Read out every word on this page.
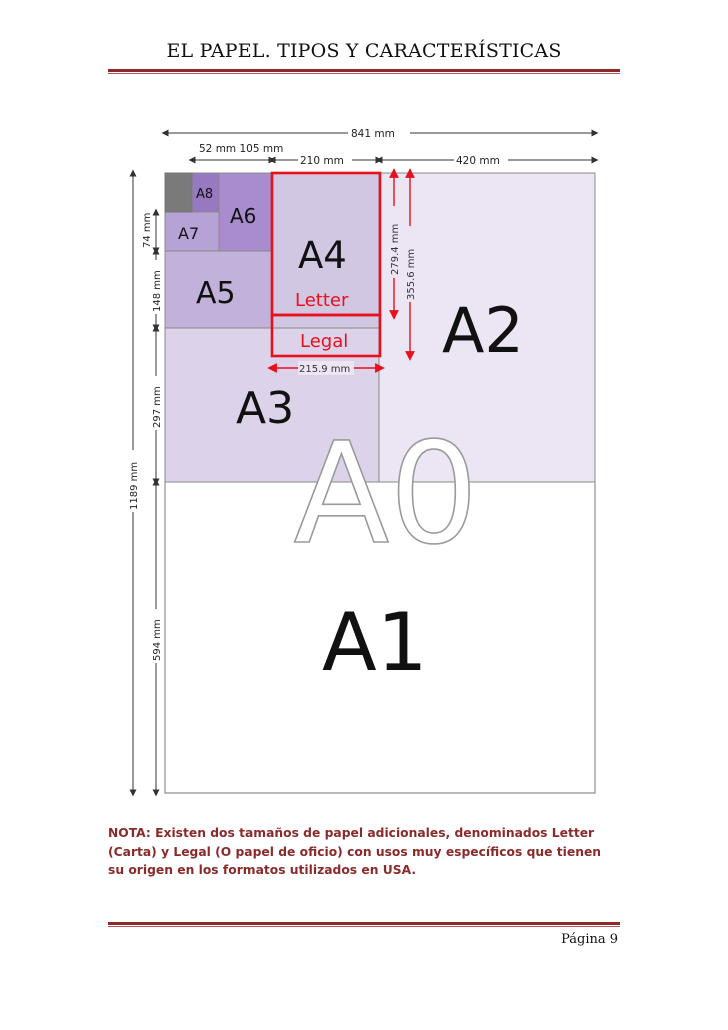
EL PAPEL. TIPOS Y CARACTERÍSTICAS
A0
A4
Letter
Legal A2
A3
A5
A6
A7
A8
A1
841 mm
52 mm 105 mm
210 mm	420 mm
215.9 mm
279.4 mm 355.6 mm
74 mm
148 mm
297 mm
594 mm
1189 mm
NOTA: Existen dos tamaños de papel adicionales, denominados Letter (Carta) y Legal (O papel de oficio) con usos muy específicos que tienen su origen en los formatos utilizados en USA.
Página 9
